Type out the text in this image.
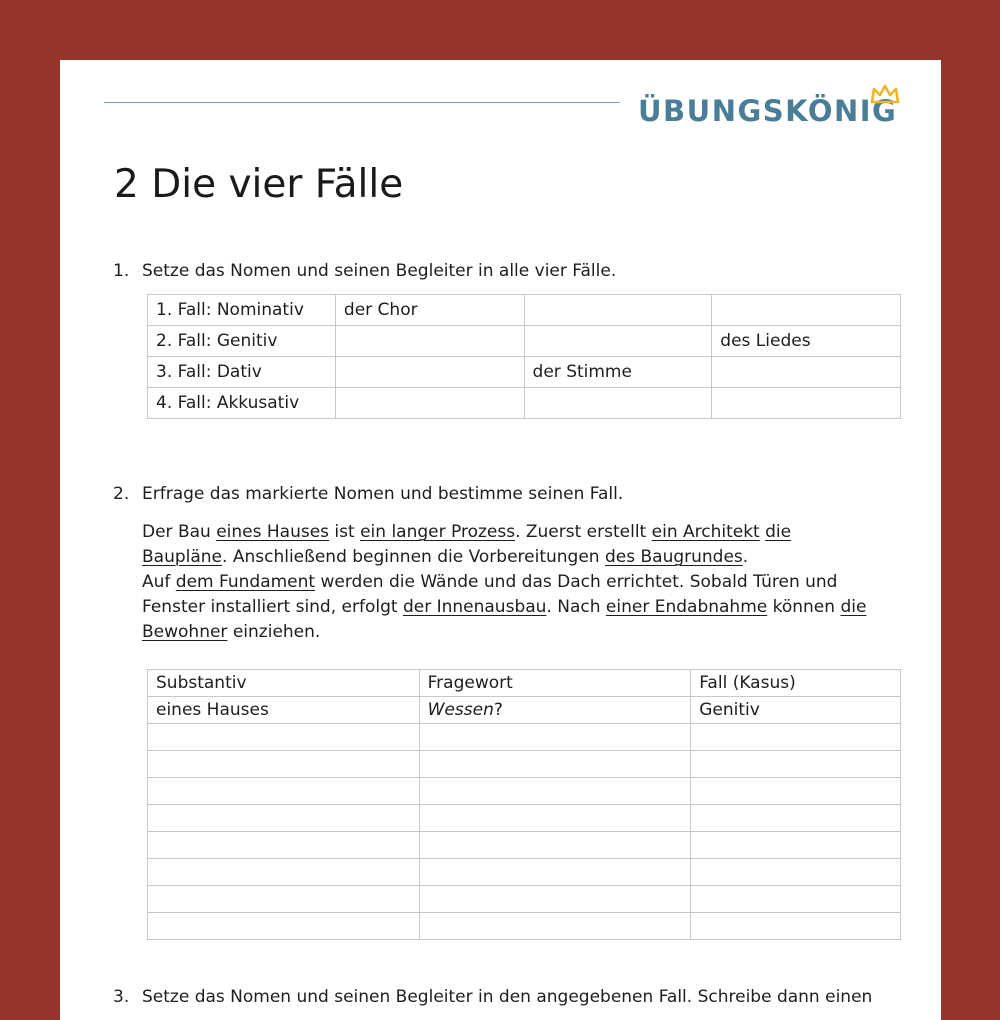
ÜBUNGSKÖNIG
2 Die vier Fälle
1. Setze das Nomen und seinen Begleiter in alle vier Fälle.
1. Fall: Nominativ	der Chor		
2. Fall: Genitiv			des Liedes
3. Fall: Dativ		der Stimme	
4. Fall: Akkusativ			
2. Erfrage das markierte Nomen und bestimme seinen Fall.

Der Bau eines Hauses ist ein langer Prozess. Zuerst erstellt ein Architekt die
Baupläne. Anschließend beginnen die Vorbereitungen des Baugrundes.
Auf dem Fundament werden die Wände und das Dach errichtet. Sobald Türen und
Fenster installiert sind, erfolgt der Innenausbau. Nach einer Endabnahme können die
Bewohner einziehen.

Substantiv	Fragewort	Fall (Kasus)
eines Hauses	Wessen?	Genitiv

3. Setze das Nomen und seinen Begleiter in den angegebenen Fall. Schreibe dann einen
